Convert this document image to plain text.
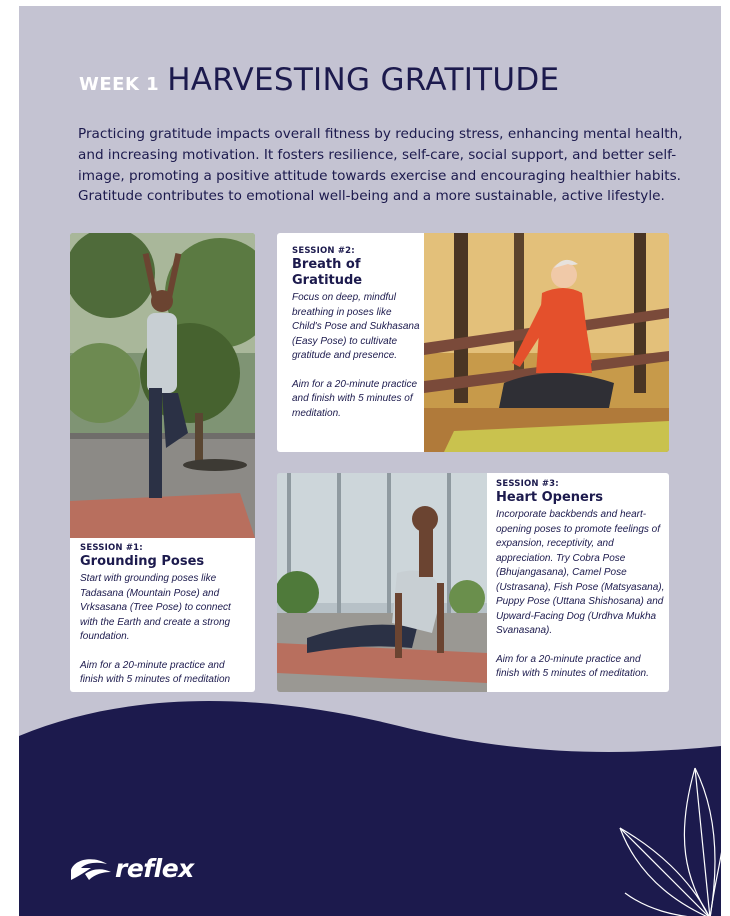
WEEK 1 HARVESTING GRATITUDE

Practicing gratitude impacts overall fitness by reducing stress, enhancing mental health, and increasing motivation. It fosters resilience, self-care, social support, and better self-image, promoting a positive attitude towards exercise and encouraging healthier habits. Gratitude contributes to emotional well-being and a more sustainable, active lifestyle.

SESSION #1:
Grounding Poses
Start with grounding poses like Tadasana (Mountain Pose) and Vrksasana (Tree Pose) to connect with the Earth and create a strong foundation.
Aim for a 20-minute practice and finish with 5 minutes of meditation
SESSION #2:
Breath of Gratitude
Focus on deep, mindful breathing in poses like Child's Pose and Sukhasana (Easy Pose) to cultivate gratitude and presence.
Aim for a 20-minute practice and finish with 5 minutes of meditation.
SESSION #3:
Heart Openers
Incorporate backbends and heart-opening poses to promote feelings of expansion, receptivity, and appreciation. Try Cobra Pose (Bhujangasana), Camel Pose (Ustrasana), Fish Pose (Matsyasana), Puppy Pose (Uttana Shishosana) and Upward-Facing Dog (Urdhva Mukha Svanasana).
Aim for a 20-minute practice and finish with 5 minutes of meditation.
reflex
